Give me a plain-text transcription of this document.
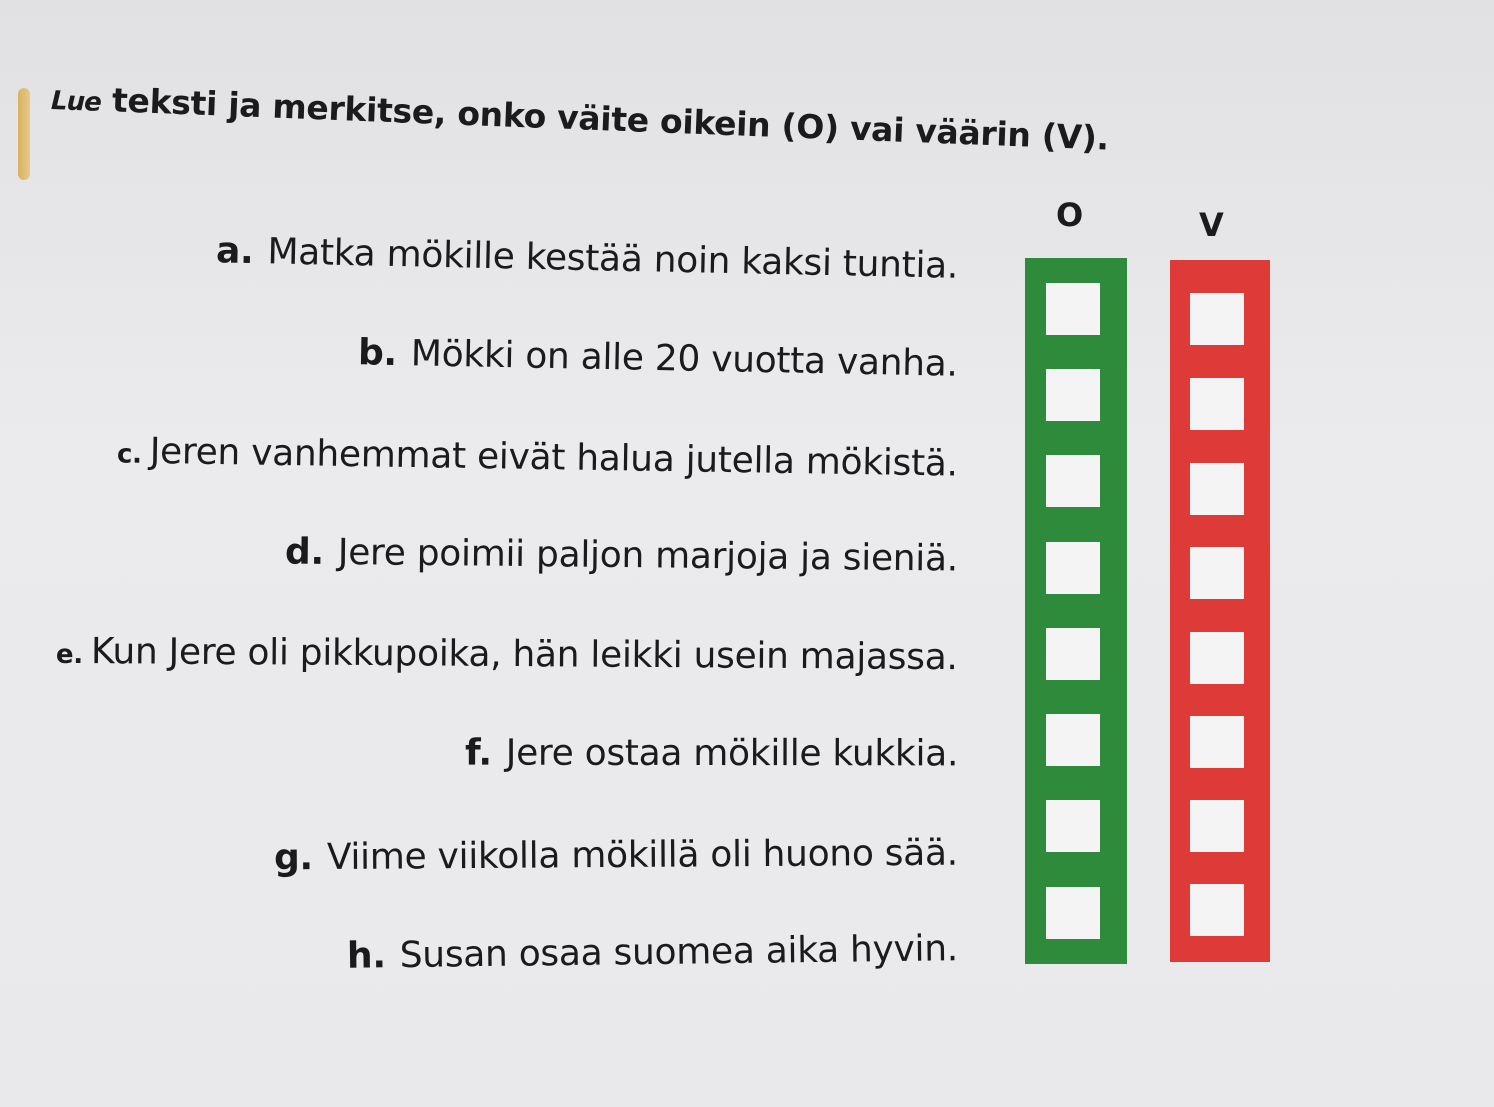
Lue teksti ja merkitse, onko väite oikein (O) vai väärin (V).
O	V
a. Matka mökille kestää noin kaksi tuntia.
b. Mökki on alle 20 vuotta vanha.
c. Jeren vanhemmat eivät halua jutella mökistä.
d. Jere poimii paljon marjoja ja sieniä.
e. Kun Jere oli pikkupoika, hän leikki usein majassa.
f. Jere ostaa mökille kukkia.
g. Viime viikolla mökillä oli huono sää.
h. Susan osaa suomea aika hyvin.
